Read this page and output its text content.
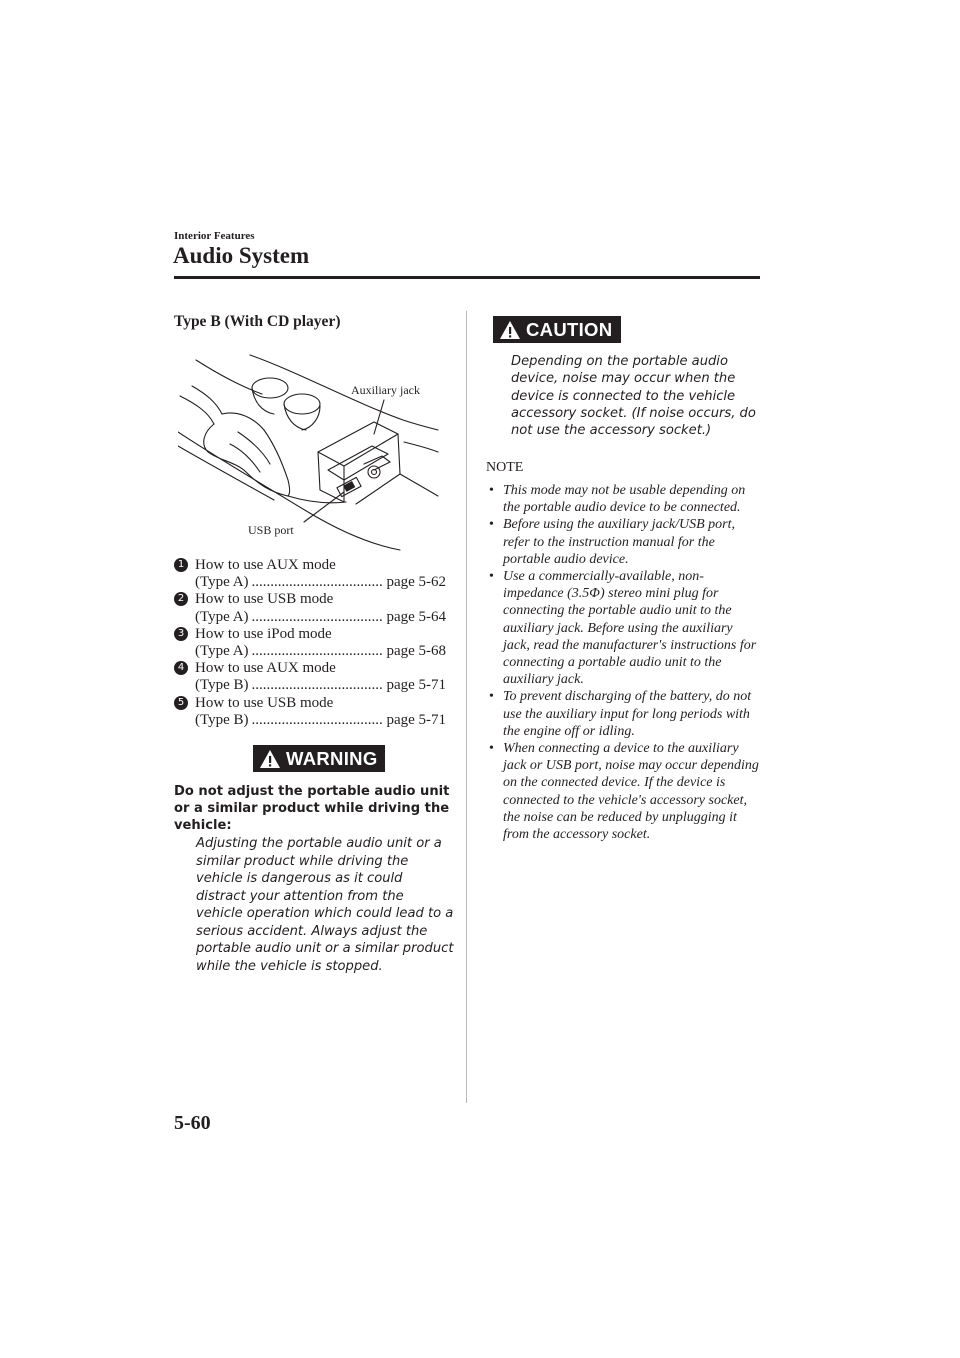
Interior Features
Audio System
Type B (With CD player)
Auxiliary jack
USB port
1 How to use AUX mode
(Type A) .....	page 5-62
2 How to use USB mode
(Type A) .....	page 5-64
3 How to use iPod mode
(Type A) .....	page 5-68
4 How to use AUX mode
(Type B) .....	page 5-71
5 How to use USB mode
(Type B) .....	page 5-71
WARNING
Do not adjust the portable audio unit or a similar product while driving the vehicle:
Adjusting the portable audio unit or a similar product while driving the vehicle is dangerous as it could distract your attention from the vehicle operation which could lead to a serious accident. Always adjust the portable audio unit or a similar product while the vehicle is stopped.
CAUTION
Depending on the portable audio device, noise may occur when the device is connected to the vehicle accessory socket. (If noise occurs, do not use the accessory socket.)
NOTE
• This mode may not be usable depending on the portable audio device to be connected.
• Before using the auxiliary jack/USB port, refer to the instruction manual for the portable audio device.
• Use a commercially-available, non-impedance (3.5Φ) stereo mini plug for connecting the portable audio unit to the auxiliary jack. Before using the auxiliary jack, read the manufacturer's instructions for connecting a portable audio unit to the auxiliary jack.
• To prevent discharging of the battery, do not use the auxiliary input for long periods with the engine off or idling.
• When connecting a device to the auxiliary jack or USB port, noise may occur depending on the connected device. If the device is connected to the vehicle's accessory socket, the noise can be reduced by unplugging it from the accessory socket.
5-60
